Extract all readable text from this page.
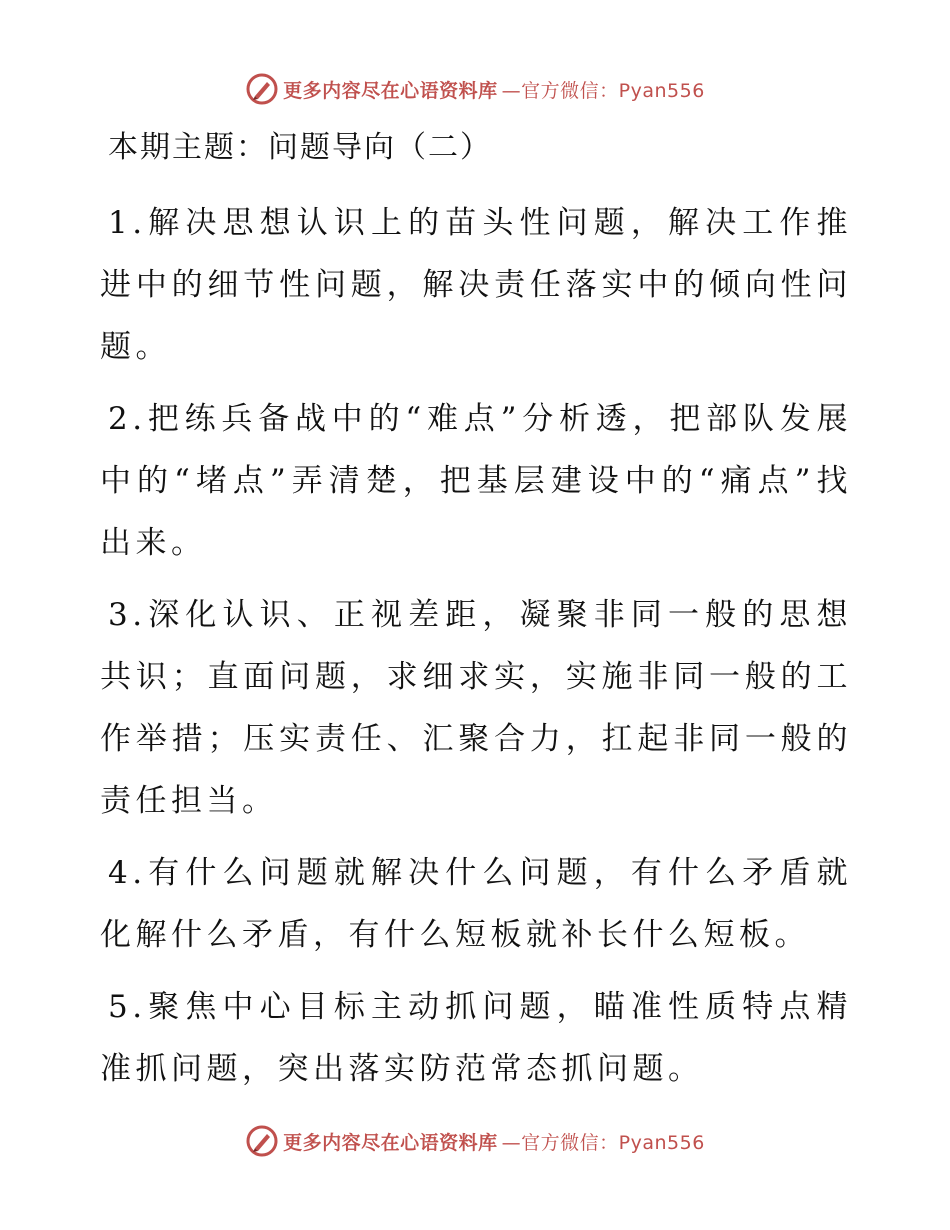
更多内容尽在心语资料库 —官方微信：Pyan556
本期主题：问题导向（二）

1.解决思想认识上的苗头性问题，解决工作推进中的细节性问题，解决责任落实中的倾向性问题。

2.把练兵备战中的“难点”分析透，把部队发展中的“堵点”弄清楚，把基层建设中的“痛点”找出来。

3.深化认识、正视差距，凝聚非同一般的思想共识；直面问题，求细求实，实施非同一般的工作举措；压实责任、汇聚合力，扛起非同一般的责任担当。

4.有什么问题就解决什么问题，有什么矛盾就化解什么矛盾，有什么短板就补长什么短板。

5.聚焦中心目标主动抓问题，瞄准性质特点精准抓问题，突出落实防范常态抓问题。

更多内容尽在心语资料库 —官方微信：Pyan556
